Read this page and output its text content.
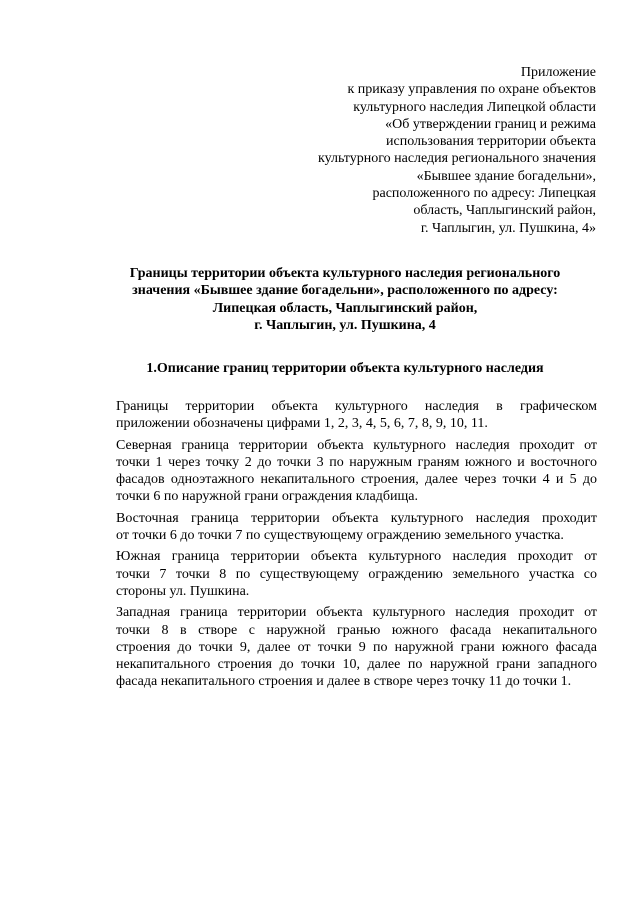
Приложение
к приказу управления по охране объектов
культурного наследия Липецкой области
«Об утверждении границ и режима
использования территории объекта
культурного наследия регионального значения
«Бывшее здание богадельни»,
расположенного по адресу: Липецкая
область, Чаплыгинский район,
г. Чаплыгин, ул. Пушкина, 4»
Границы территории объекта культурного наследия регионального
значения «Бывшее здание богадельни», расположенного по адресу:
Липецкая область, Чаплыгинский район,
г. Чаплыгин, ул. Пушкина, 4
1.Описание границ территории объекта культурного наследия
Границы территории объекта культурного наследия в графическом
приложении обозначены цифрами 1, 2, 3, 4, 5, 6, 7, 8, 9, 10, 11.
Северная граница территории объекта культурного наследия проходит от
точки 1 через точку 2 до точки 3 по наружным граням южного и восточного
фасадов одноэтажного некапитального строения, далее через точки 4 и 5 до
точки 6 по наружной грани ограждения кладбища.
Восточная граница территории объекта культурного наследия проходит
от точки 6 до точки 7 по существующему ограждению земельного участка.
Южная граница территории объекта культурного наследия проходит от
точки 7 точки 8 по существующему ограждению земельного участка со
стороны ул. Пушкина.
Западная граница территории объекта культурного наследия проходит от
точки 8 в створе с наружной гранью южного фасада некапитального
строения до точки 9, далее от точки 9 по наружной грани южного фасада
некапитального строения до точки 10, далее по наружной грани западного
фасада некапитального строения и далее в створе через точку 11 до точки 1.
